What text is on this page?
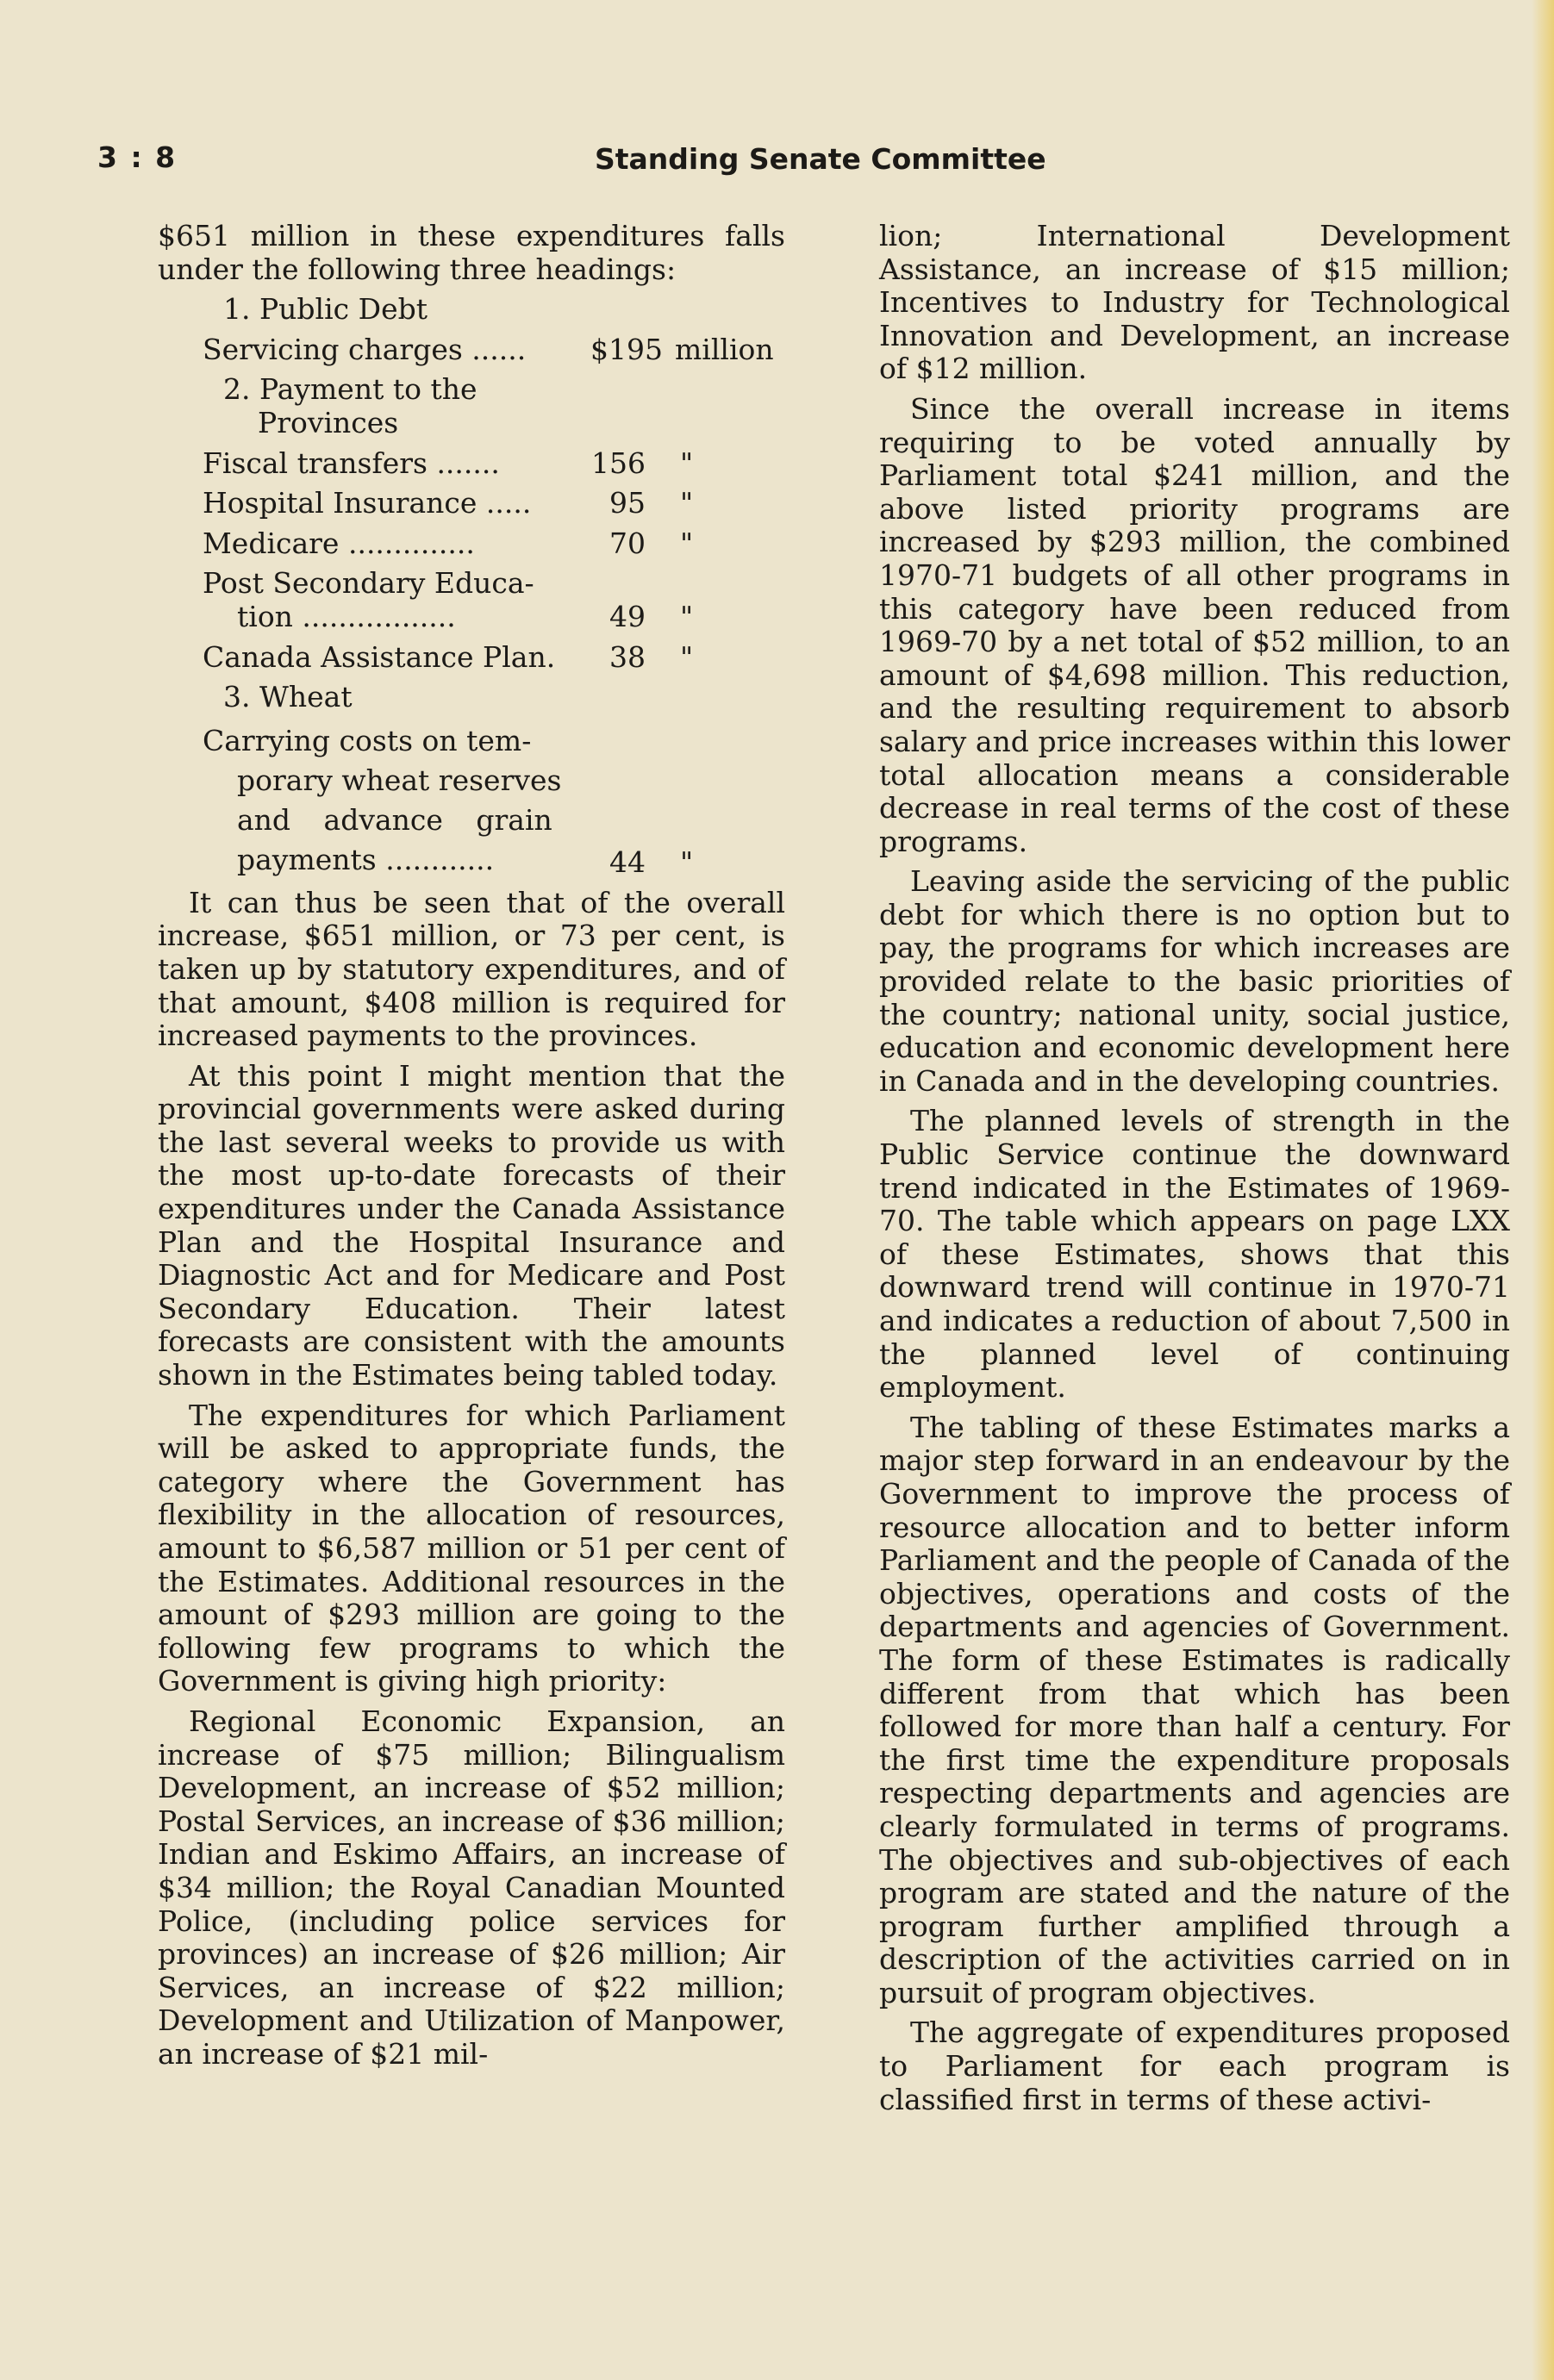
3 : 8	Standing Senate Committee

$651 million in these expenditures falls under the following three headings:

1. Public Debt
Servicing charges ......	$195 million
2. Payment to the

Provinces
Fiscal transfers .......	156	"
Hospital Insurance .....	95	"
Medicare ..............	70	"
Post Secondary Educa-
tion .................	49	"
Canada Assistance Plan.	38	"
3. Wheat
Carrying costs on tem-
porary wheat reserves
and advance grain
payments ............	44	"

It can thus be seen that of the overall increase, $651 million, or 73 per cent, is taken up by statutory expenditures, and of that amount, $408 million is required for increased payments to the provinces.

At this point I might mention that the provincial governments were asked during the last several weeks to provide us with the most up-to-date forecasts of their expenditures under the Canada Assistance Plan and the Hospital Insurance and Diagnostic Act and for Medicare and Post Secondary Education. Their latest forecasts are consistent with the amounts shown in the Estimates being tabled today.

The expenditures for which Parliament will be asked to appropriate funds, the category where the Government has flexibility in the allocation of resources, amount to $6,587 million or 51 per cent of the Estimates. Additional resources in the amount of $293 million are going to the following few programs to which the Government is giving high priority:

Regional Economic Expansion, an increase of $75 million; Bilingualism Development, an increase of $52 million; Postal Services, an increase of $36 million; Indian and Eskimo Affairs, an increase of $34 million; the Royal Canadian Mounted Police, (including police services for provinces) an increase of $26 million; Air Services, an increase of $22 million; Development and Utilization of Manpower, an increase of $21 mil-

lion; International Development Assistance, an increase of $15 million; Incentives to Industry for Technological Innovation and Development, an increase of $12 million.

Since the overall increase in items requiring to be voted annually by Parliament total $241 million, and the above listed priority programs are increased by $293 million, the combined 1970-71 budgets of all other programs in this category have been reduced from 1969-70 by a net total of $52 million, to an amount of $4,698 million. This reduction, and the resulting requirement to absorb salary and price increases within this lower total allocation means a considerable decrease in real terms of the cost of these programs.

Leaving aside the servicing of the public debt for which there is no option but to pay, the programs for which increases are provided relate to the basic priorities of the country; national unity, social justice, education and economic development here in Canada and in the developing countries.

The planned levels of strength in the Public Service continue the downward trend indicated in the Estimates of 1969-70. The table which appears on page LXX of these Estimates, shows that this downward trend will continue in 1970-71 and indicates a reduction of about 7,500 in the planned level of continuing employment.

The tabling of these Estimates marks a major step forward in an endeavour by the Government to improve the process of resource allocation and to better inform Parliament and the people of Canada of the objectives, operations and costs of the departments and agencies of Government. The form of these Estimates is radically different from that which has been followed for more than half a century. For the first time the expenditure proposals respecting departments and agencies are clearly formulated in terms of programs. The objectives and sub-objectives of each program are stated and the nature of the program further amplified through a description of the activities carried on in pursuit of program objectives.

The aggregate of expenditures proposed to Parliament for each program is classified first in terms of these activi-
